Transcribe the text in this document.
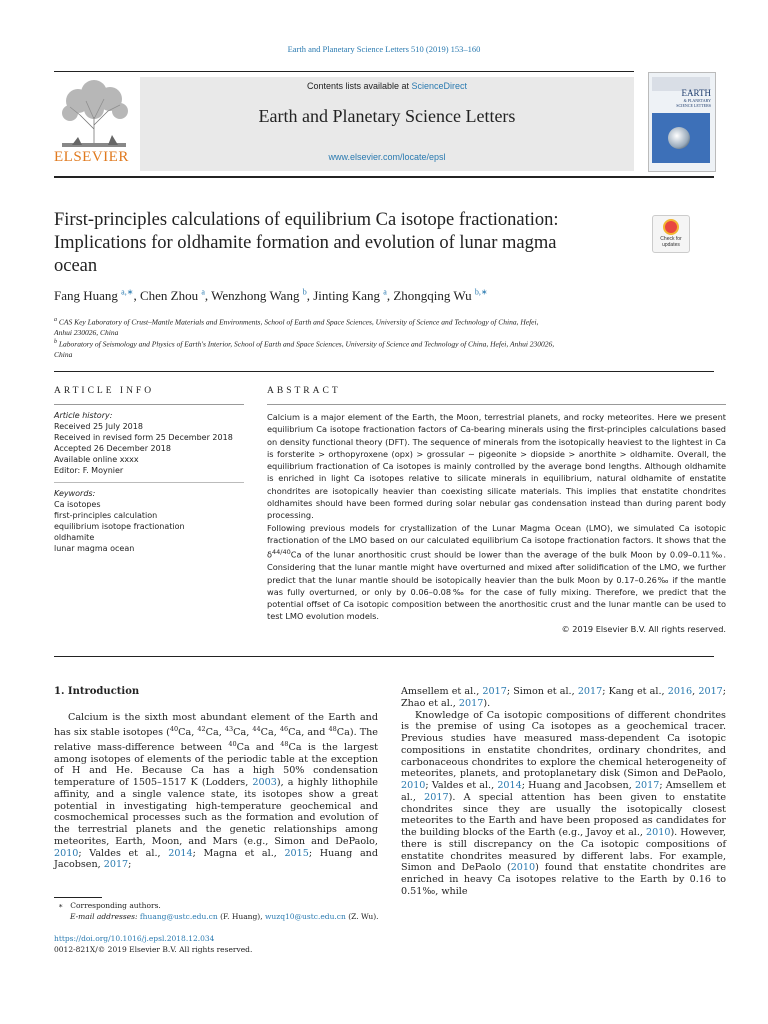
Earth and Planetary Science Letters 510 (2019) 153–160
ELSEVIER
Contents lists available at ScienceDirect
Earth and Planetary Science Letters
www.elsevier.com/locate/epsl
EARTH
& PLANETARY
SCIENCE LETTERS
First-principles calculations of equilibrium Ca isotope fractionation:
Implications for oldhamite formation and evolution of lunar magma
ocean
Check for
updates
Fang Huang $^{a,∗}$, Chen Zhou $^a$, Wenzhong Wang $^b$, Jinting Kang $^a$, Zhongqing Wu $^{b,∗}$
$^a$ CAS Key Laboratory of Crust–Mantle Materials and Environments, School of Earth and Space Sciences, University of Science and Technology of China, Hefei,
Anhui 230026, China
$^b$ Laboratory of Seismology and Physics of Earth's Interior, School of Earth and Space Sciences, University of Science and Technology of China, Hefei, Anhui 230026,
China
ARTICLE INFO
Article history:
Received 25 July 2018
Received in revised form 25 December 2018
Accepted 26 December 2018
Available online xxxx
Editor: F. Moynier
Keywords:
Ca isotopes
first-principles calculation
equilibrium isotope fractionation
oldhamite
lunar magma ocean
ABSTRACT

Calcium is a major element of the Earth, the Moon, terrestrial planets, and rocky meteorites. Here we present equilibrium Ca isotope fractionation factors of Ca-bearing minerals using the first-principles calculations based on density functional theory (DFT). The sequence of minerals from the isotopically heaviest to the lightest in Ca is forsterite > orthopyroxene (opx) > grossular ∼ pigeonite > diopside > anorthite > oldhamite. Overall, the equilibrium fractionation of Ca isotopes is mainly controlled by the average bond lengths. Although oldhamite is enriched in light Ca isotopes relative to silicate minerals in equilibrium, natural oldhamite of enstatite chondrites are isotopically heavier than coexisting silicate materials. This implies that enstatite chondrites oldhamites should have been formed during solar nebular gas condensation instead than during parent body processing.

Following previous models for crystallization of the Lunar Magma Ocean (LMO), we simulated Ca isotopic fractionation of the LMO based on our calculated equilibrium Ca isotope fractionation factors. It shows that the $\delta^{44/40}Ca$ of the lunar anorthositic crust should be lower than the average of the bulk Moon by 0.09–0.11‰. Considering that the lunar mantle might have overturned and mixed after solidification of the LMO, we further predict that the lunar mantle should be isotopically heavier than the bulk Moon by 0.17–0.26‰ if the mantle was fully overturned, or only by 0.06–0.08‰ for the case of fully mixing. Therefore, we predict that the potential offset of Ca isotopic composition between the anorthositic crust and the lunar mantle can be used to test LMO evolution models.

© 2019 Elsevier B.V. All rights reserved.

1. Introduction

Calcium is the sixth most abundant element of the Earth and has six stable isotopes ($^{40}$Ca, $^{42}$Ca, $^{43}$Ca, $^{44}$Ca, $^{46}$Ca, and $^{48}$Ca). The relative mass-difference between $^{40}$Ca and $^{48}$Ca is the largest among isotopes of elements of the periodic table at the exception of H and He. Because Ca has a high 50% condensation temperature of 1505–1517 K (Lodders, 2003), a highly lithophile affinity, and a single valence state, its isotopes show a great potential in investigating high-temperature geochemical and cosmochemical processes such as the formation and evolution of the terrestrial planets and the genetic relationships among meteorites, Earth, Moon, and Mars (e.g., Simon and DePaolo, 2010; Valdes et al., 2014; Magna et al., 2015; Huang and Jacobsen, 2017;

Amsellem et al., 2017; Simon et al., 2017; Kang et al., 2016, 2017; Zhao et al., 2017).

Knowledge of Ca isotopic compositions of different chondrites is the premise of using Ca isotopes as a geochemical tracer. Previous studies have measured mass-dependent Ca isotopic compositions in enstatite chondrites, ordinary chondrites, and carbonaceous chondrites to explore the chemical heterogeneity of meteorites, planets, and protoplanetary disk (Simon and DePaolo, 2010; Valdes et al., 2014; Huang and Jacobsen, 2017; Amsellem et al., 2017). A special attention has been given to enstatite chondrites since they are usually the isotopically closest meteorites to the Earth and have been proposed as candidates for the building blocks of the Earth (e.g., Javoy et al., 2010). However, there is still discrepancy on the Ca isotopic compositions of enstatite chondrites measured by different labs. For example, Simon and DePaolo (2010) found that enstatite chondrites are enriched in heavy Ca isotopes relative to the Earth by 0.16 to 0.51‰, while

∗ Corresponding authors.
E-mail addresses: fhuang@ustc.edu.cn (F. Huang), wuzq10@ustc.edu.cn (Z. Wu).
https://doi.org/10.1016/j.epsl.2018.12.034
0012-821X/© 2019 Elsevier B.V. All rights reserved.
